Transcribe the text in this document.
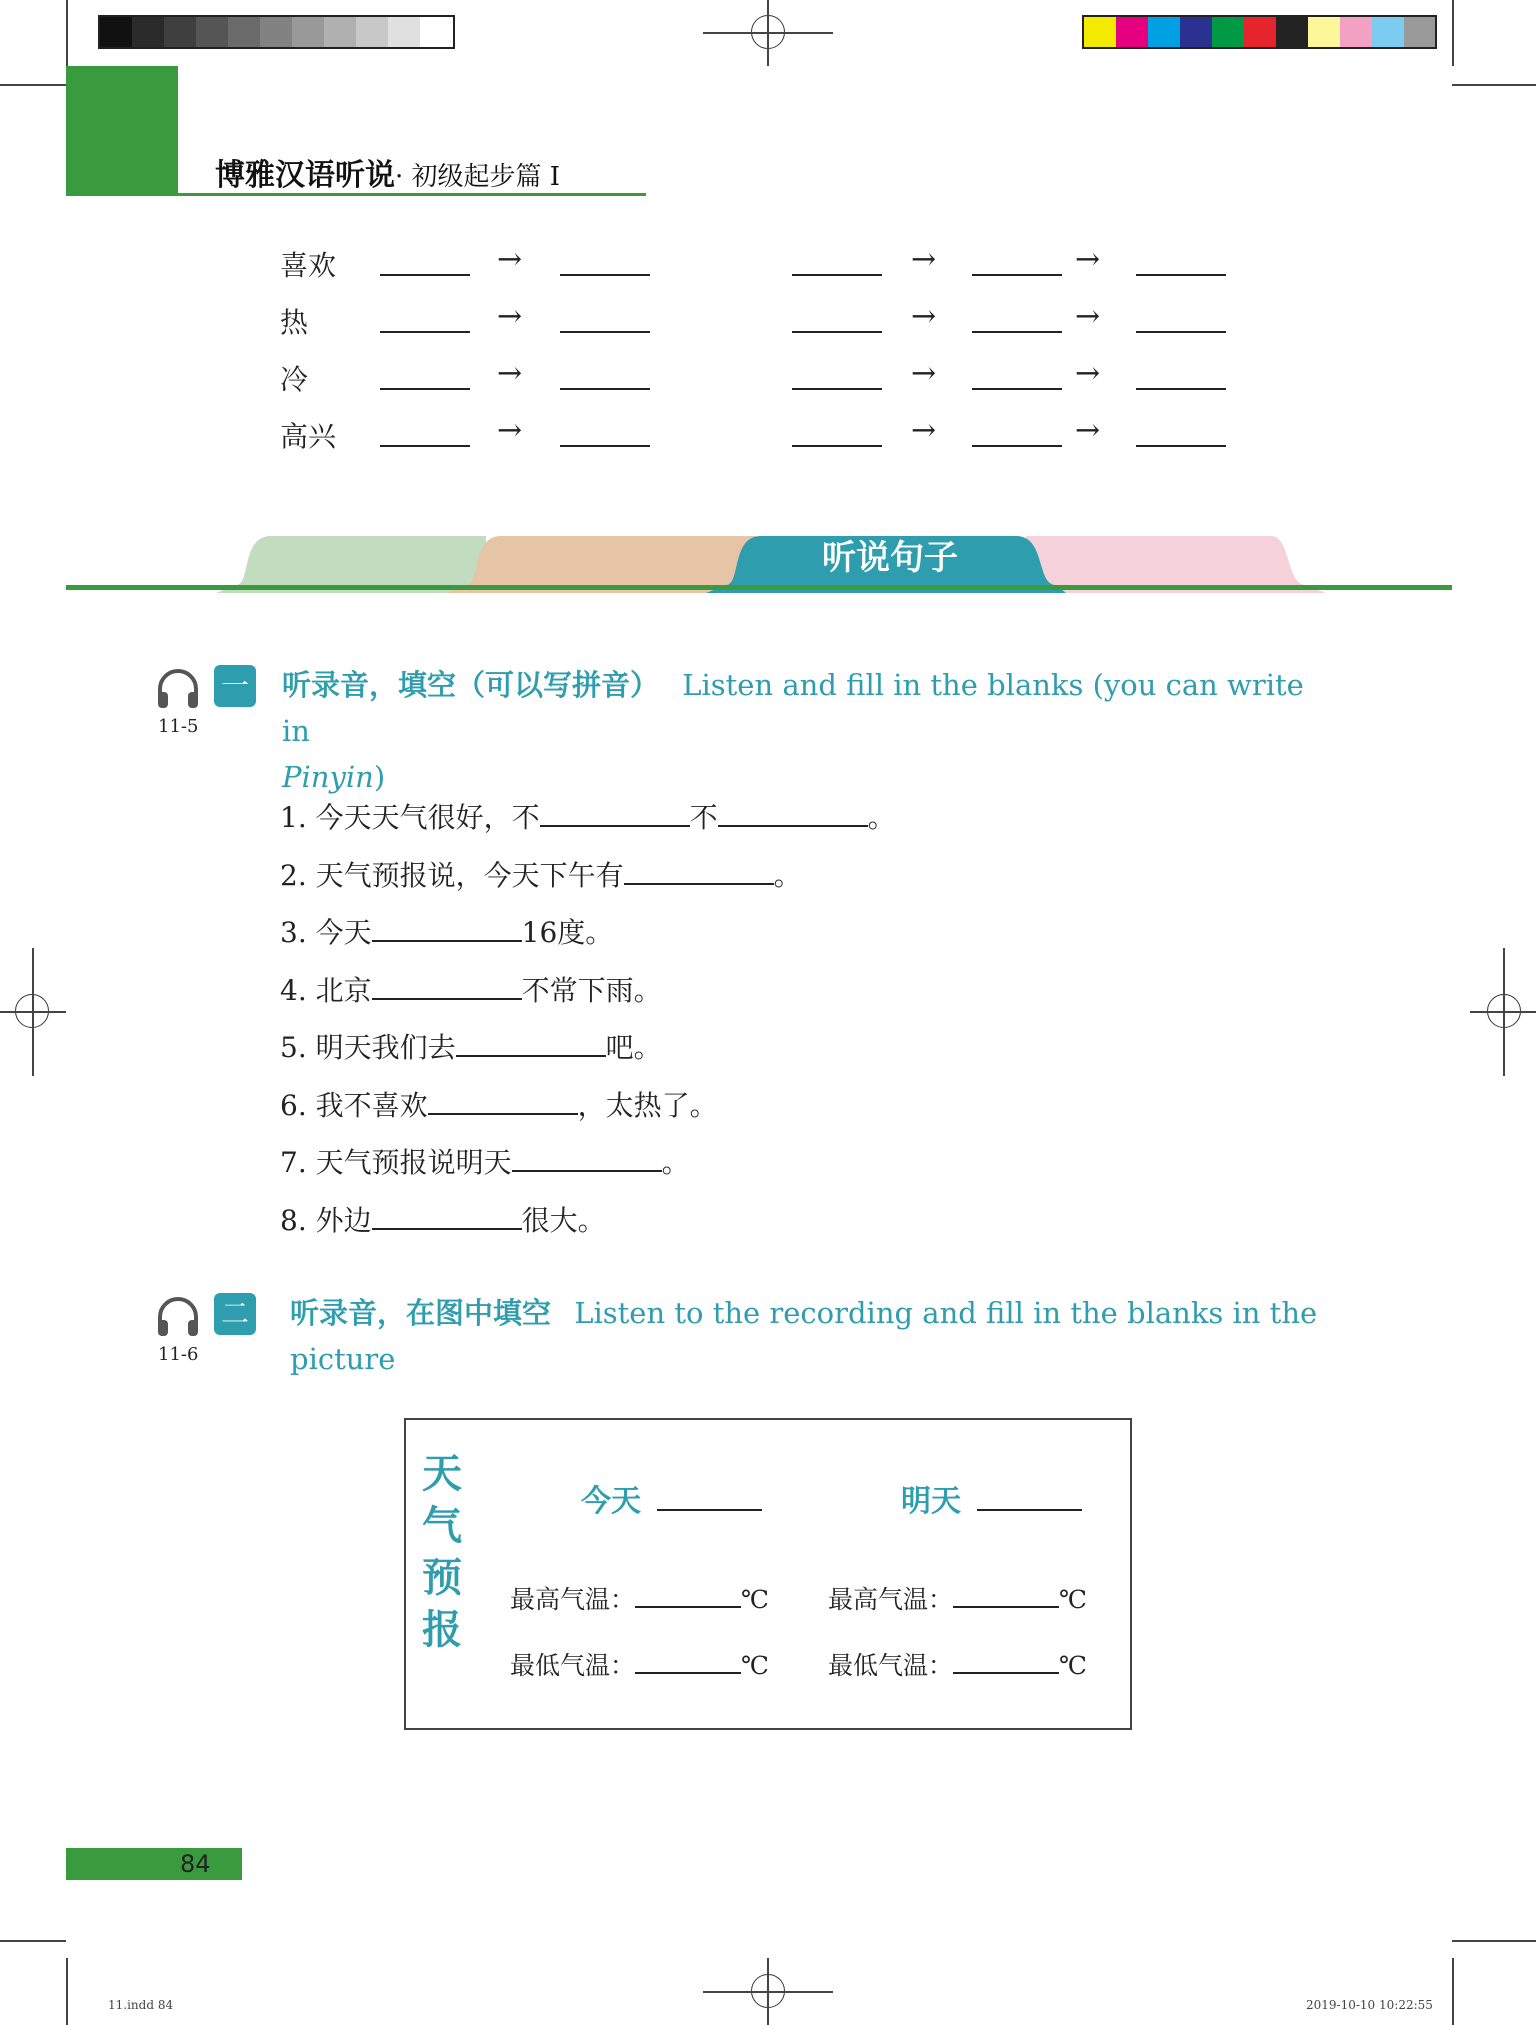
博雅汉语听说· 初级起步篇 I
喜欢	→	→	→
热	→	→	→
冷	→	→	→
高兴	→	→	→
听说句子
11-5
一 听录音，填空（可以写拼音） Listen and fill in the blanks (you can write in
Pinyin)
1. 今天天气很好，不	不	。
2. 天气预报说，今天下午有	。
3. 今天	16度。
4. 北京	不常下雨。
5. 明天我们去	吧。
6. 我不喜欢	，太热了。
7. 天气预报说明天	。
8. 外边	很大。
11-6
二 听录音，在图中填空 Listen to the recording and fill in the blanks in the
picture
天
气
预
报
今天	明天
最高气温：	℃ 最高气温：	℃
最低气温：	℃ 最低气温：	℃
84
11.indd 84	2019-10-10 10:22:55
